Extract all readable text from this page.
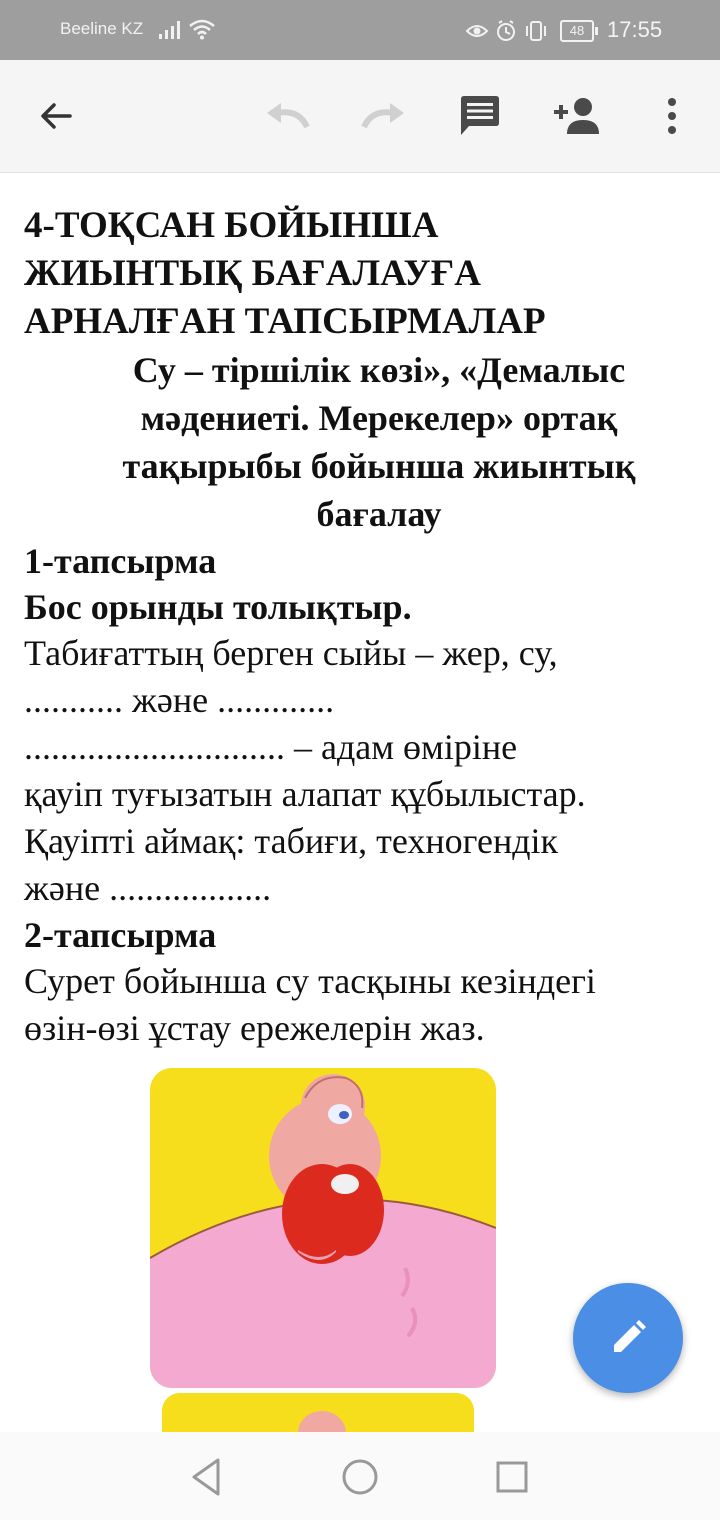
Beeline KZ	48	17:55
4-ТОҚСАН БОЙЫНША
ЖИЫНТЫҚ БАҒАЛАУҒА
АРНАЛҒАН ТАПСЫРМАЛАР
Су – тіршілік көзі», «Демалыс
мәдениеті. Мерекелер» ортақ
тақырыбы бойынша жиынтық
бағалау
1-тапсырма
Бос орынды толықтыр.
Табиғаттың берген сыйы – жер, су,
........... және .............
............................. – адам өміріне
қауіп туғызатын алапат құбылыстар.
Қауіпті аймақ: табиғи, техногендік
және ..................
2-тапсырма
Сурет бойынша су тасқыны кезіндегі
өзін-өзі ұстау ережелерін жаз.
